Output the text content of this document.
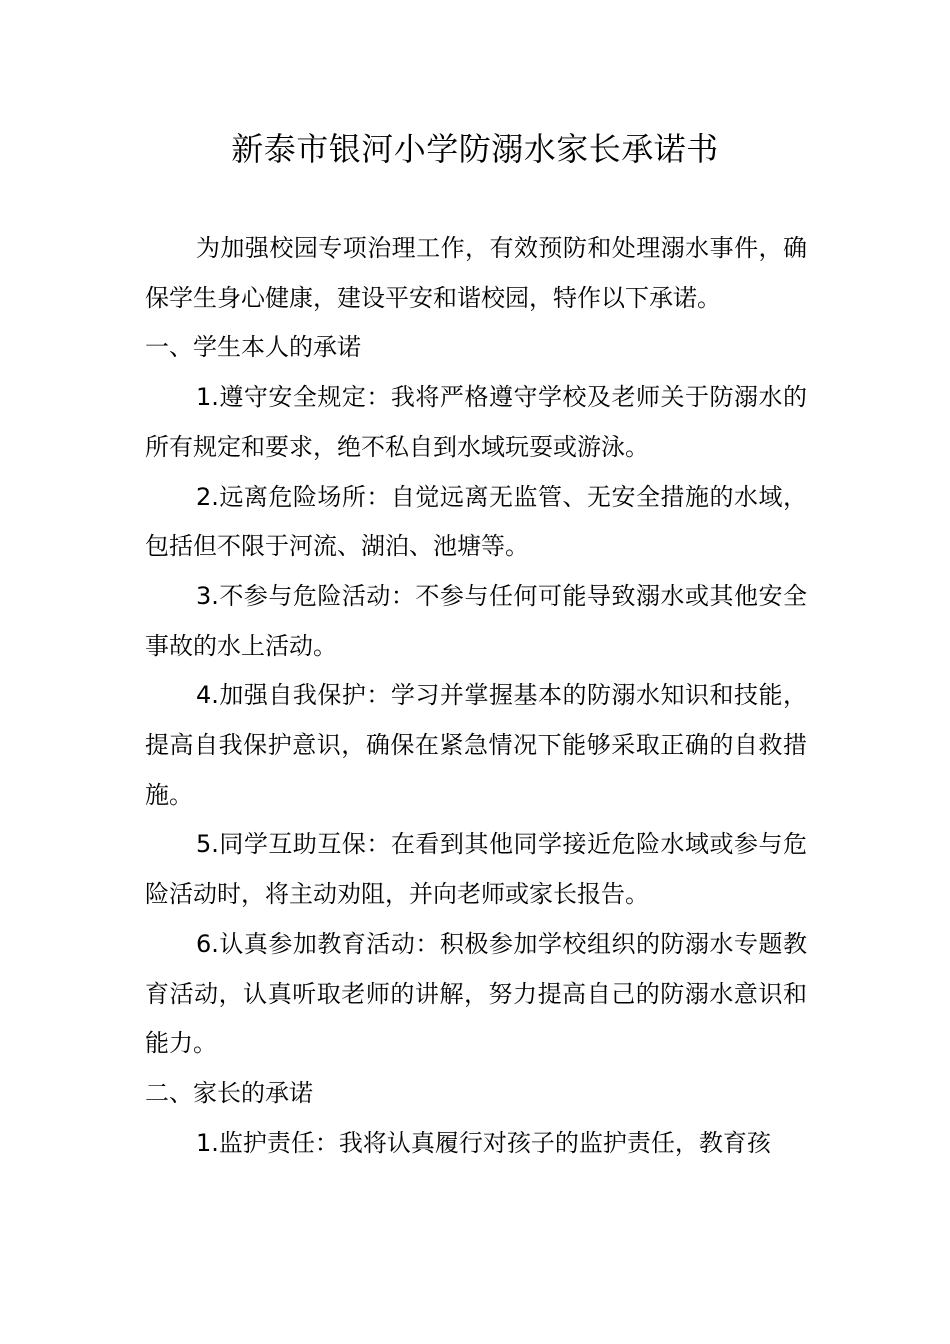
新泰市银河小学防溺水家长承诺书

为加强校园专项治理工作，有效预防和处理溺水事件，确保学生身心健康，建设平安和谐校园，特作以下承诺。

一、学生本人的承诺

1.遵守安全规定：我将严格遵守学校及老师关于防溺水的所有规定和要求，绝不私自到水域玩耍或游泳。

2.远离危险场所：自觉远离无监管、无安全措施的水域，包括但不限于河流、湖泊、池塘等。

3.不参与危险活动：不参与任何可能导致溺水或其他安全事故的水上活动。

4.加强自我保护：学习并掌握基本的防溺水知识和技能，提高自我保护意识，确保在紧急情况下能够采取正确的自救措施。

5.同学互助互保：在看到其他同学接近危险水域或参与危险活动时，将主动劝阻，并向老师或家长报告。

6.认真参加教育活动：积极参加学校组织的防溺水专题教育活动，认真听取老师的讲解，努力提高自己的防溺水意识和能力。

二、家长的承诺

1.监护责任：我将认真履行对孩子的监护责任，教育孩
